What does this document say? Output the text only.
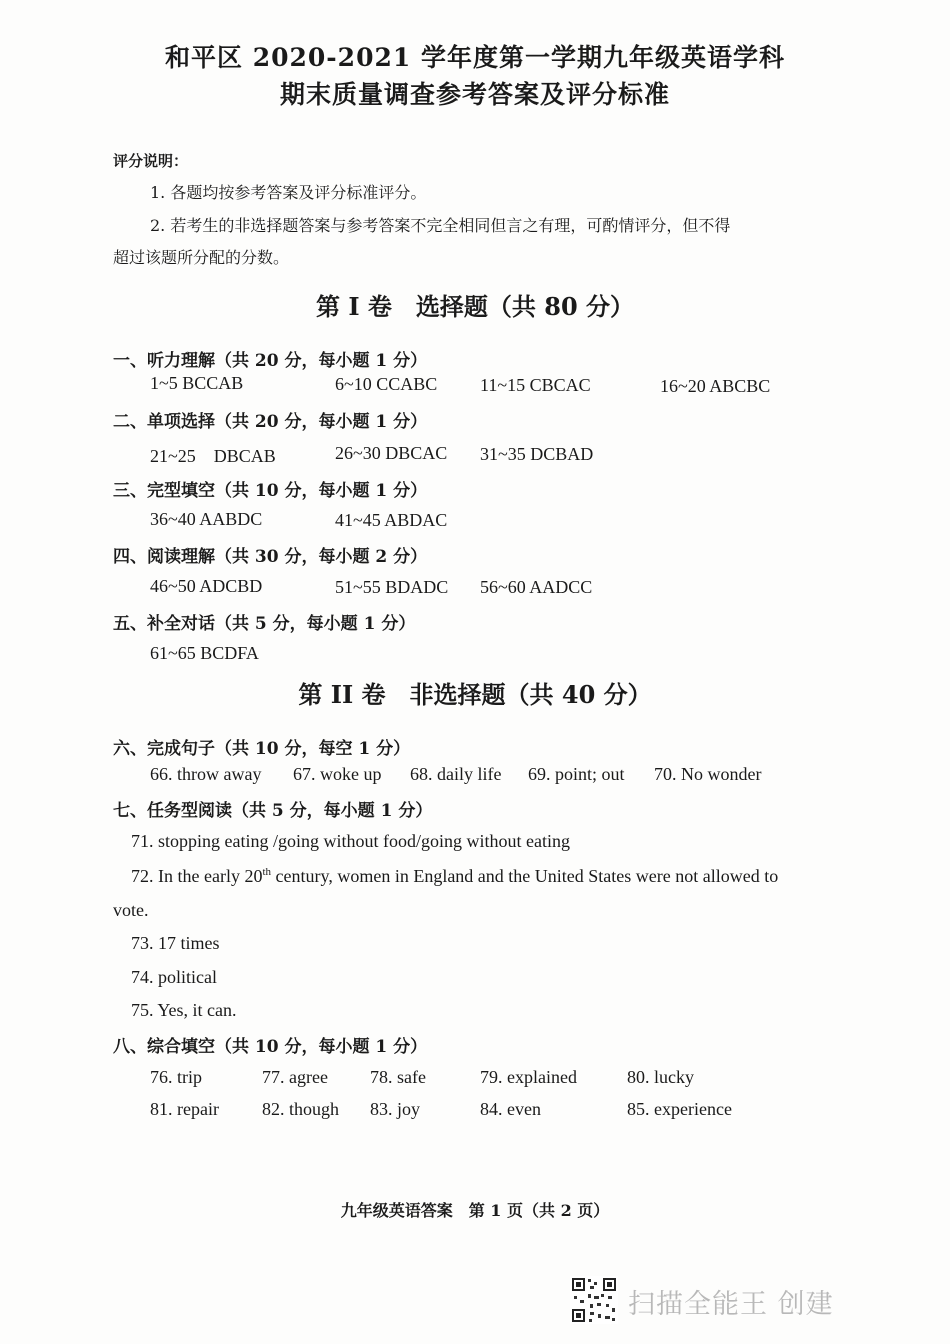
和平区 2020-2021 学年度第一学期九年级英语学科
期末质量调查参考答案及评分标准
评分说明：
1. 各题均按参考答案及评分标准评分。
2. 若考生的非选择题答案与参考答案不完全相同但言之有理，可酌情评分，但不得
超过该题所分配的分数。
第 I 卷　选择题（共 80 分）
一、听力理解（共 20 分，每小题 1 分）
1~5 BCCAB	6~10 CCABC 11~15 CBCAC	16~20 ABCBC
二、单项选择（共 20 分，每小题 1 分）
21~25　DBCAB	26~30 DBCAC 31~35 DCBAD
三、完型填空（共 10 分，每小题 1 分）
36~40 AABDC	41~45 ABDAC
四、阅读理解（共 30 分，每小题 2 分）
46~50 ADCBD	51~55 BDADC 56~60 AADCC
五、补全对话（共 5 分，每小题 1 分）
61~65 BCDFA
第 II 卷　非选择题（共 40 分）
六、完成句子（共 10 分，每空 1 分）
66. throw away 67. woke up 68. daily life 69. point; out 70. No wonder
七、任务型阅读（共 5 分，每小题 1 分）
71. stopping eating /going without food/going without eating
72. In the early 20th century, women in England and the United States were not allowed to
vote.
73. 17 times
74. political
75. Yes, it can.
八、综合填空（共 10 分，每小题 1 分）
76. trip	77. agree 78. safe	79. explained	80. lucky
81. repair 82. though 83. joy	84. even	85. experience
九年级英语答案　第 1 页（共 2 页）
扫描全能王 创建
